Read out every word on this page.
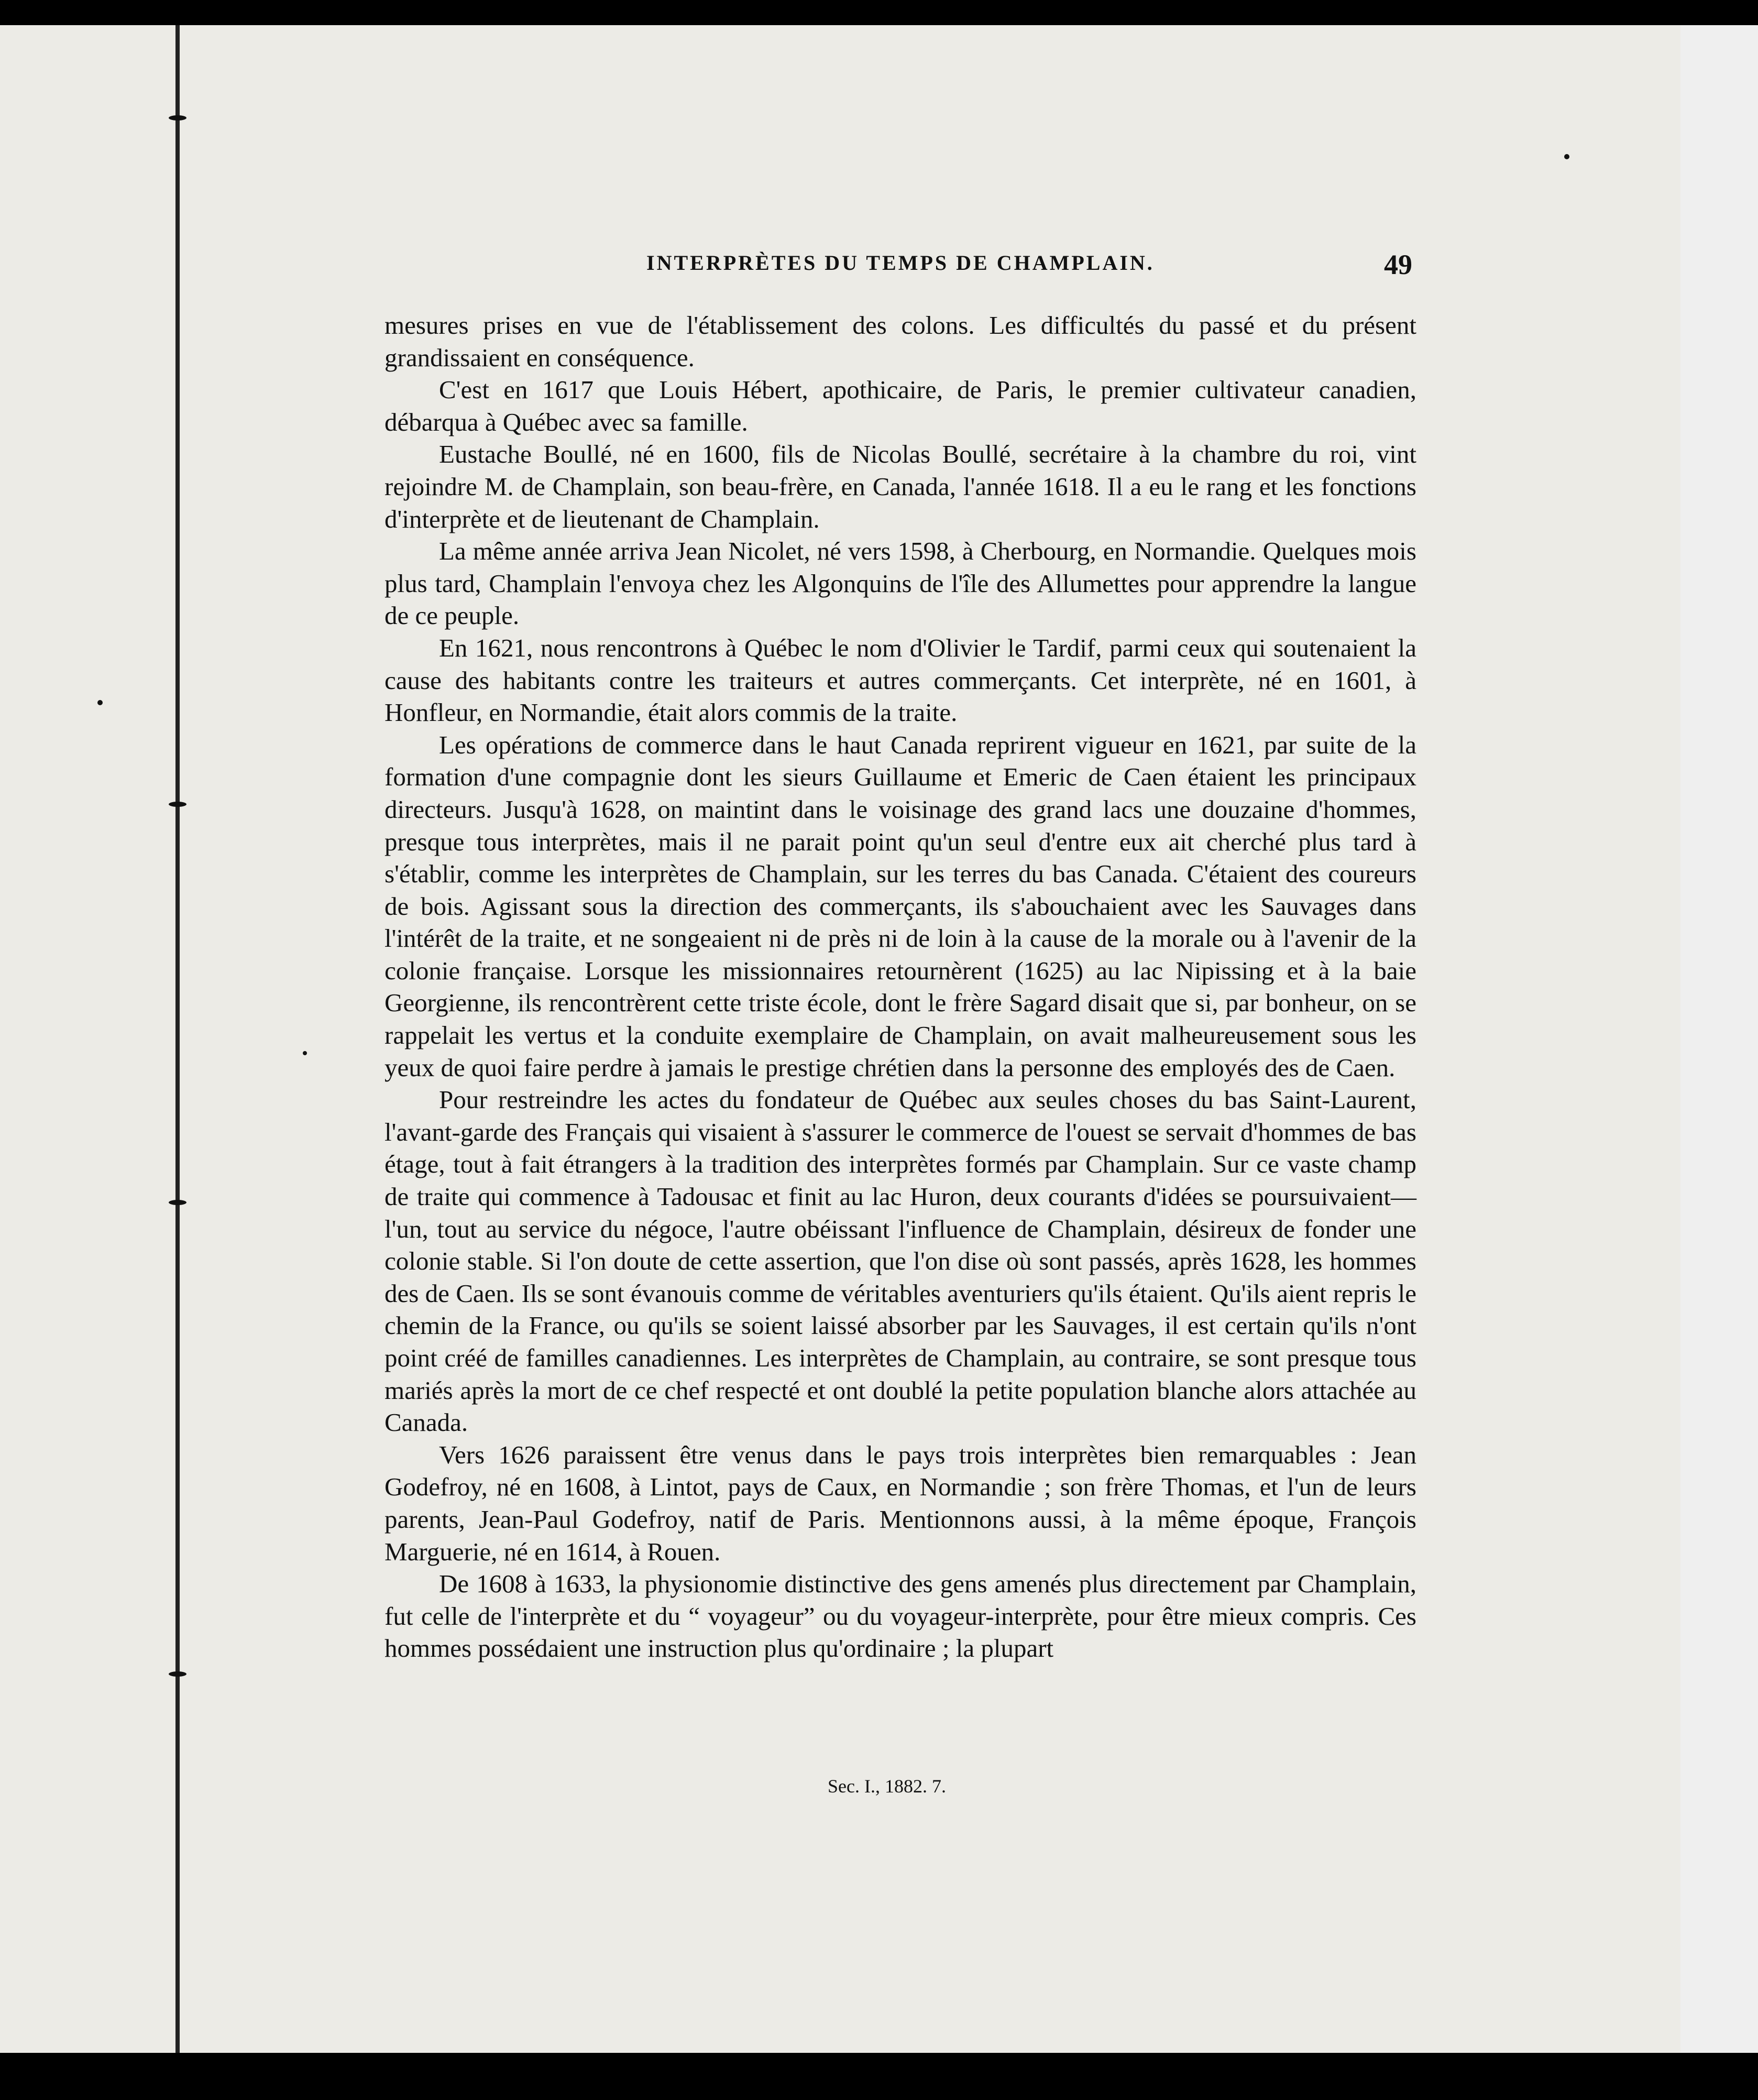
INTERPRÈTES DU TEMPS DE CHAMPLAIN.	49

mesures prises en vue de l'établissement des colons. Les difficultés du passé et du présent grandissaient en conséquence.

C'est en 1617 que Louis Hébert, apothicaire, de Paris, le premier cultivateur canadien, débarqua à Québec avec sa famille.

Eustache Boullé, né en 1600, fils de Nicolas Boullé, secrétaire à la chambre du roi, vint rejoindre M. de Champlain, son beau-frère, en Canada, l'année 1618. Il a eu le rang et les fonctions d'interprète et de lieutenant de Champlain.

La même année arriva Jean Nicolet, né vers 1598, à Cherbourg, en Normandie. Quelques mois plus tard, Champlain l'envoya chez les Algonquins de l'île des Allumettes pour apprendre la langue de ce peuple.

En 1621, nous rencontrons à Québec le nom d'Olivier le Tardif, parmi ceux qui soutenaient la cause des habitants contre les traiteurs et autres commerçants. Cet interprète, né en 1601, à Honfleur, en Normandie, était alors commis de la traite.

Les opérations de commerce dans le haut Canada reprirent vigueur en 1621, par suite de la formation d'une compagnie dont les sieurs Guillaume et Emeric de Caen étaient les principaux directeurs. Jusqu'à 1628, on maintint dans le voisinage des grand lacs une douzaine d'hommes, presque tous interprètes, mais il ne parait point qu'un seul d'entre eux ait cherché plus tard à s'établir, comme les interprètes de Champlain, sur les terres du bas Canada. C'étaient des coureurs de bois. Agissant sous la direction des commerçants, ils s'abouchaient avec les Sauvages dans l'intérêt de la traite, et ne songeaient ni de près ni de loin à la cause de la morale ou à l'avenir de la colonie française. Lorsque les missionnaires retournèrent (1625) au lac Nipissing et à la baie Georgienne, ils rencontrèrent cette triste école, dont le frère Sagard disait que si, par bonheur, on se rappelait les vertus et la conduite exemplaire de Champlain, on avait malheureusement sous les yeux de quoi faire perdre à jamais le prestige chrétien dans la personne des employés des de Caen.

Pour restreindre les actes du fondateur de Québec aux seules choses du bas Saint-Laurent, l'avant-garde des Français qui visaient à s'assurer le commerce de l'ouest se servait d'hommes de bas étage, tout à fait étrangers à la tradition des interprètes formés par Champlain. Sur ce vaste champ de traite qui commence à Tadousac et finit au lac Huron, deux courants d'idées se poursuivaient—l'un, tout au service du négoce, l'autre obéissant l'influence de Champlain, désireux de fonder une colonie stable. Si l'on doute de cette assertion, que l'on dise où sont passés, après 1628, les hommes des de Caen. Ils se sont évanouis comme de véritables aventuriers qu'ils étaient. Qu'ils aient repris le chemin de la France, ou qu'ils se soient laissé absorber par les Sauvages, il est certain qu'ils n'ont point créé de familles canadiennes. Les interprètes de Champlain, au contraire, se sont presque tous mariés après la mort de ce chef respecté et ont doublé la petite population blanche alors attachée au Canada.

Vers 1626 paraissent être venus dans le pays trois interprètes bien remarquables : Jean Godefroy, né en 1608, à Lintot, pays de Caux, en Normandie ; son frère Thomas, et l'un de leurs parents, Jean-Paul Godefroy, natif de Paris. Mentionnons aussi, à la même époque, François Marguerie, né en 1614, à Rouen.

De 1608 à 1633, la physionomie distinctive des gens amenés plus directement par Champlain, fut celle de l'interprète et du “ voyageur” ou du voyageur-interprète, pour être mieux compris. Ces hommes possédaient une instruction plus qu'ordinaire ; la plupart

Sec. I., 1882. 7.
